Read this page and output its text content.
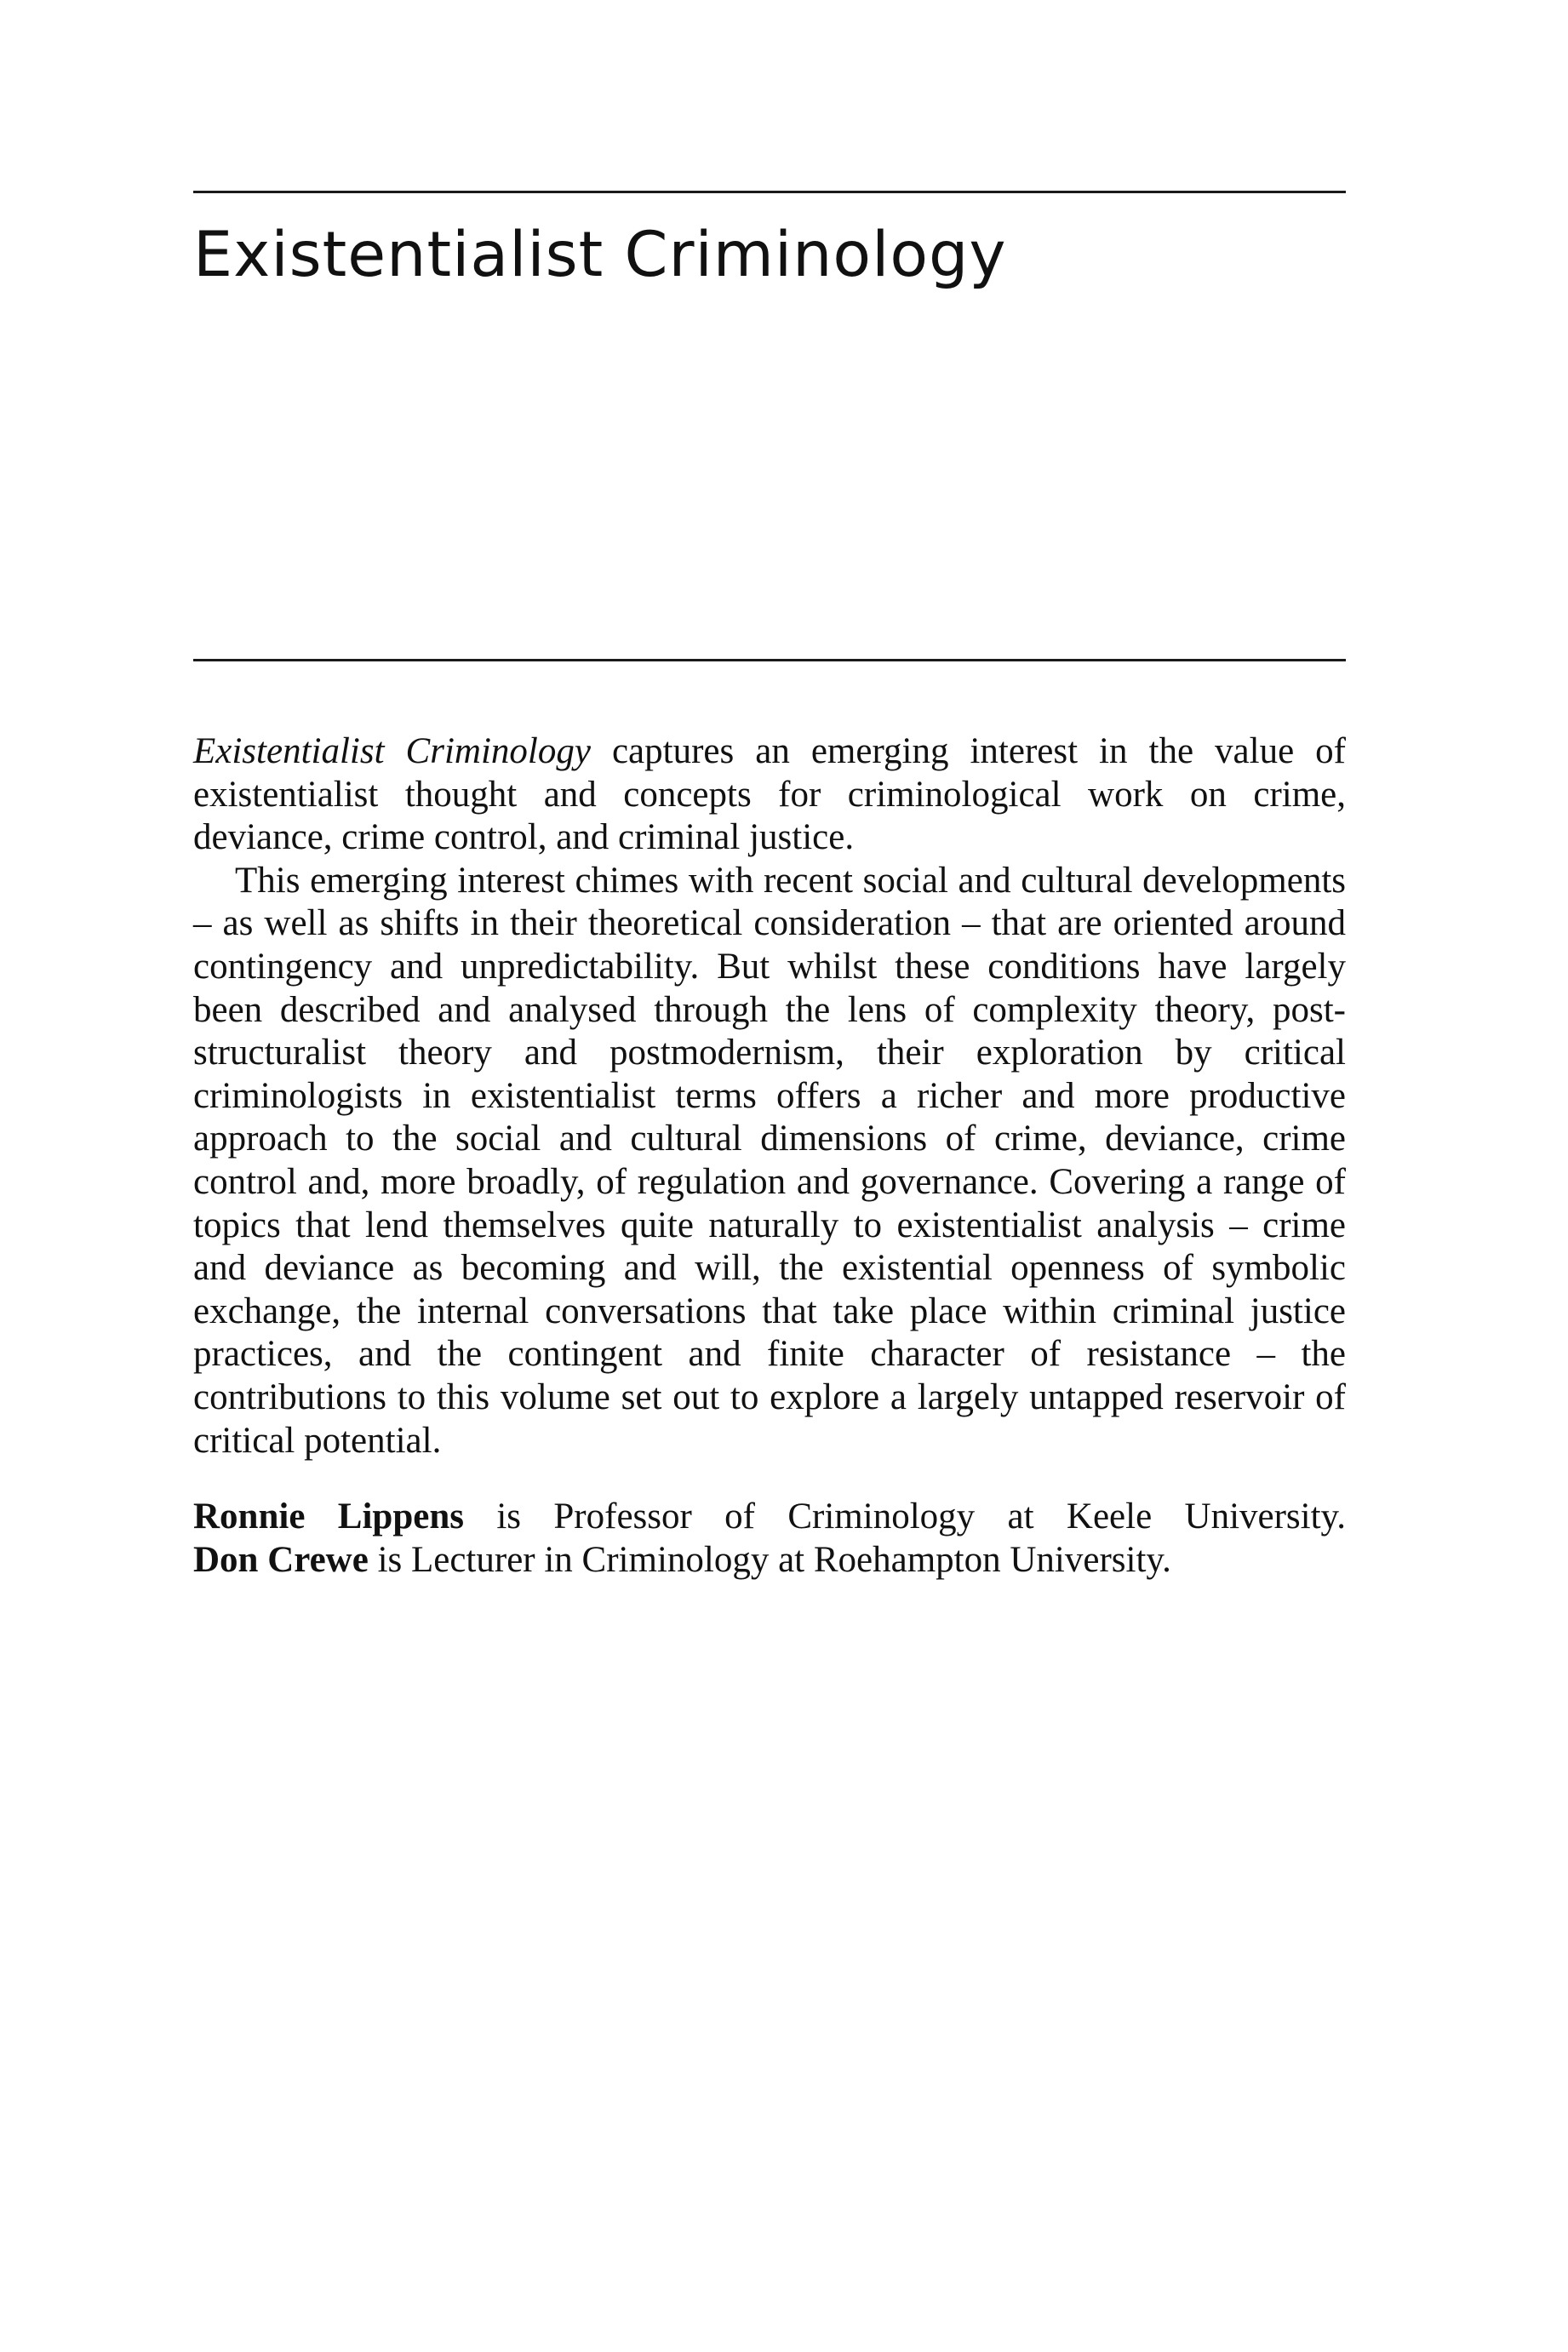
Existentialist Criminology

Existentialist Criminology captures an emerging interest in the value of existentialist thought and concepts for criminological work on crime, deviance, crime control, and criminal justice.

This emerging interest chimes with recent social and cultural developments – as well as shifts in their theoretical consideration – that are oriented around contingency and unpredictability. But whilst these conditions have largely been described and analysed through the lens of complexity theory, post-structuralist theory and postmodernism, their exploration by critical criminologists in existentialist terms offers a richer and more productive approach to the social and cultural dimensions of crime, deviance, crime control and, more broadly, of regulation and governance. Covering a range of topics that lend themselves quite naturally to existentialist analysis – crime and deviance as becoming and will, the existential openness of symbolic exchange, the internal conversations that take place within criminal justice practices, and the contingent and finite character of resistance – the contributions to this volume set out to explore a largely untapped reservoir of critical potential.

Ronnie Lippens is Professor of Criminology at Keele University.

Don Crewe is Lecturer in Criminology at Roehampton University.
